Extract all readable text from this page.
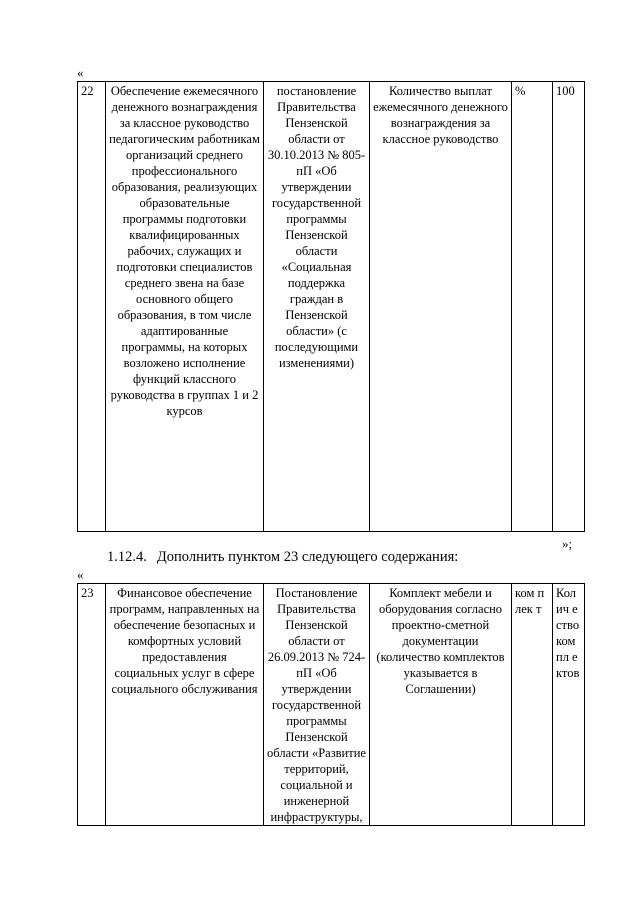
«
22	Обеспечение ежемесячного денежного вознаграждения за классное руководство педагогическим работникам организаций среднего профессионального образования, реализующих образовательные программы подготовки квалифицированных рабочих, служащих и подготовки специалистов среднего звена на базе основного общего образования, в том числе адаптированные программы, на которых возложено исполнение функций классного руководства в группах 1 и 2 курсов	постановление Правительства Пензенской области от 30.10.2013 № 805-пП «Об утверждении государственной программы Пензенской области «Социальная поддержка граждан в Пензенской области» (с последующими изменениями)	Количество выплат ежемесячного денежного вознаграждения за классное руководство	%	100
»;
1.12.4. Дополнить пунктом 23 следующего содержания:
«
23	Финансовое обеспечение программ, направленных на обеспечение безопасных и комфортных условий предоставления социальных услуг в сфере социального обслуживания	Постановление Правительства Пензенской области от 26.09.2013 № 724-пП «Об утверждении государственной программы Пензенской области «Развитие территорий, социальной и инженерной инфраструктуры,	Комплект мебели и оборудования согласно проектно-сметной документации (количество комплектов указывается в Соглашении)	ком плек т	Колич ество компл ектов
